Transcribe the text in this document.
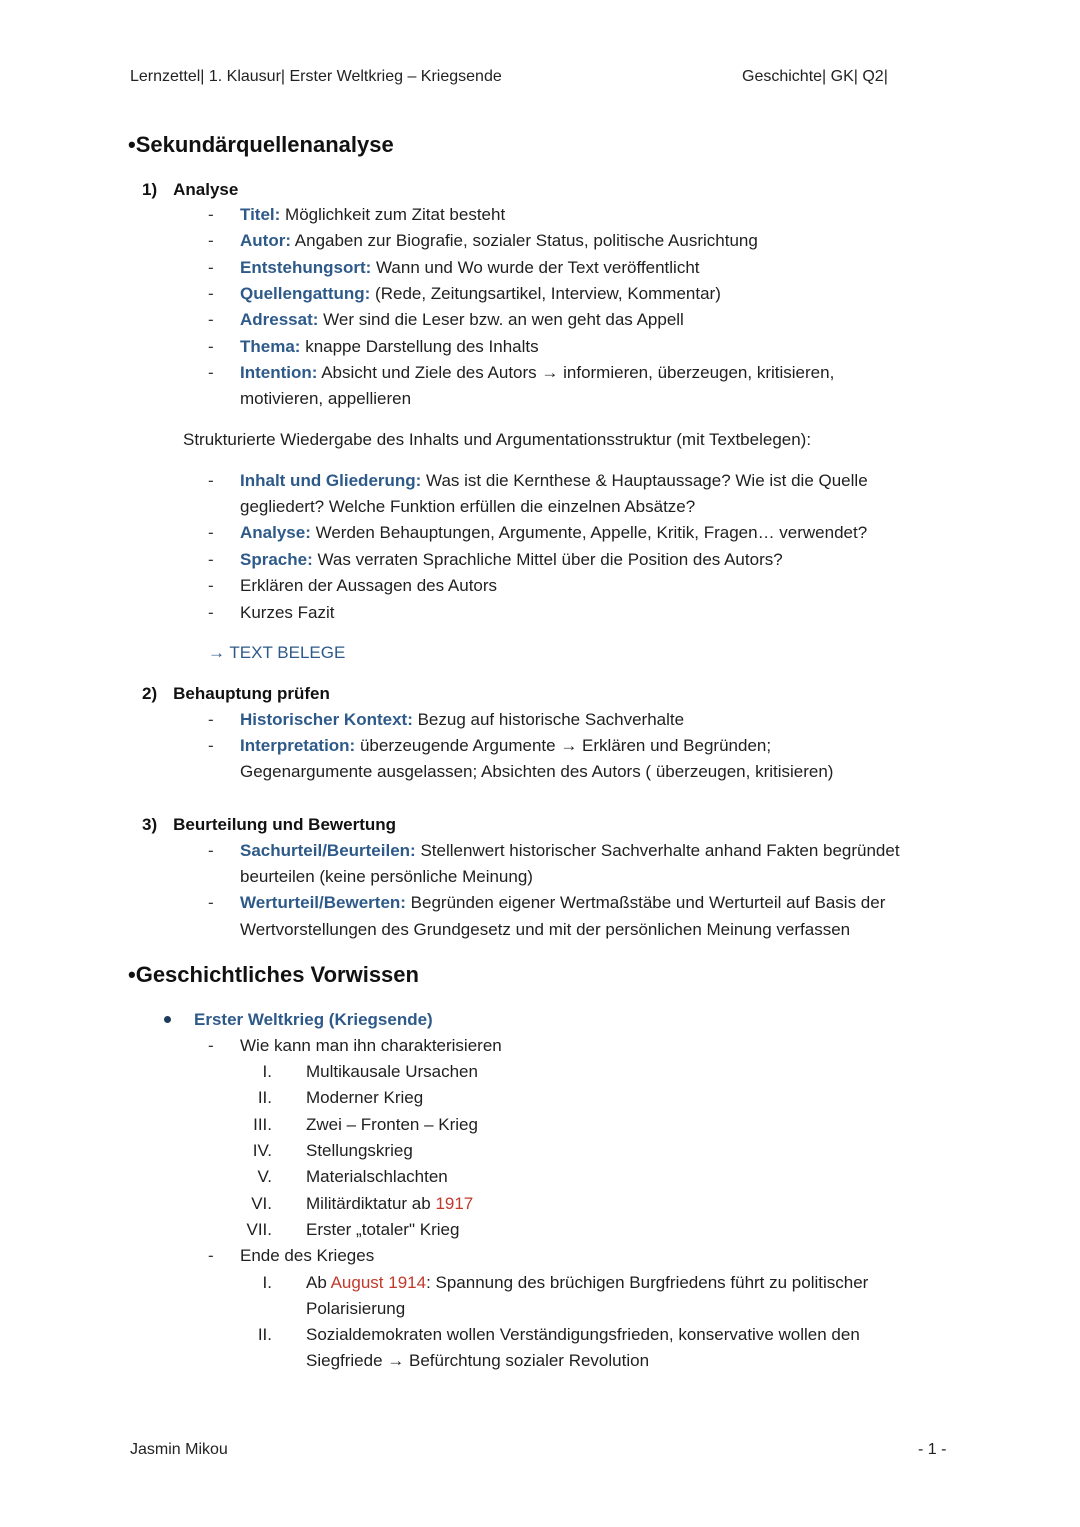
Lernzettel| 1. Klausur| Erster Weltkrieg – Kriegsende	Geschichte| GK| Q2|
•Sekundärquellenanalyse
1) Analyse
- Titel: Möglichkeit zum Zitat besteht
- Autor: Angaben zur Biografie, sozialer Status, politische Ausrichtung
- Entstehungsort: Wann und Wo wurde der Text veröffentlicht
- Quellengattung: (Rede, Zeitungsartikel, Interview, Kommentar)
- Adressat: Wer sind die Leser bzw. an wen geht das Appell
- Thema: knappe Darstellung des Inhalts
- Intention: Absicht und Ziele des Autors → informieren, überzeugen, kritisieren,
motivieren, appellieren
Strukturierte Wiedergabe des Inhalts und Argumentationsstruktur (mit Textbelegen):
- Inhalt und Gliederung: Was ist die Kernthese & Hauptaussage? Wie ist die Quelle
gegliedert? Welche Funktion erfüllen die einzelnen Absätze?
- Analyse: Werden Behauptungen, Argumente, Appelle, Kritik, Fragen… verwendet?
- Sprache: Was verraten Sprachliche Mittel über die Position des Autors?
- Erklären der Aussagen des Autors
- Kurzes Fazit
→ TEXT BELEGE
2) Behauptung prüfen
- Historischer Kontext: Bezug auf historische Sachverhalte
- Interpretation: überzeugende Argumente → Erklären und Begründen;
Gegenargumente ausgelassen; Absichten des Autors ( überzeugen, kritisieren)
3) Beurteilung und Bewertung
- Sachurteil/Beurteilen: Stellenwert historischer Sachverhalte anhand Fakten begründet
beurteilen (keine persönliche Meinung)
- Werturteil/Bewerten: Begründen eigener Wertmaßstäbe und Werturteil auf Basis der
Wertvorstellungen des Grundgesetz und mit der persönlichen Meinung verfassen
•Geschichtliches Vorwissen
Erster Weltkrieg (Kriegsende)
- Wie kann man ihn charakterisieren
I. Multikausale Ursachen
II. Moderner Krieg
III. Zwei – Fronten – Krieg
IV. Stellungskrieg
V. Materialschlachten
VI. Militärdiktatur ab 1917
VII. Erster „totaler" Krieg
- Ende des Krieges
I. Ab August 1914: Spannung des brüchigen Burgfriedens führt zu politischer
Polarisierung
II. Sozialdemokraten wollen Verständigungsfrieden, konservative wollen den
Siegfriede → Befürchtung sozialer Revolution
Jasmin Mikou	- 1 -
